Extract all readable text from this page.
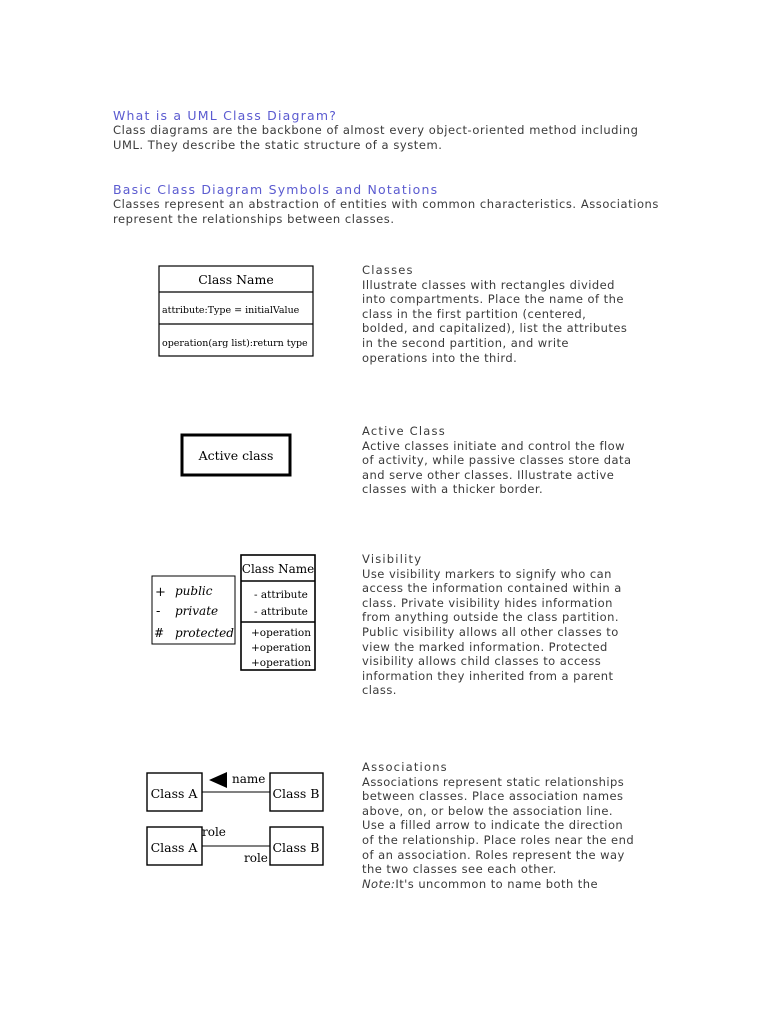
What is a UML Class Diagram?

Class diagrams are the backbone of almost every object-oriented method including

UML. They describe the static structure of a system.

Basic Class Diagram Symbols and Notations

Classes represent an abstraction of entities with common characteristics. Associations

represent the relationships between classes.

Class Name
attribute:Type = initialValue
operation(arg list):return type
Classes
Illustrate classes with rectangles divided
into compartments. Place the name of the
class in the first partition (centered,
bolded, and capitalized), list the attributes
in the second partition, and write
operations into the third.
Active class
Active Class
Active classes initiate and control the flow
of activity, while passive classes store data
and serve other classes. Illustrate active
classes with a thicker border.
+ public
- private
# protected
Class Name
- attribute
- attribute
+operation
+operation
+operation
Visibility
Use visibility markers to signify who can
access the information contained within a
class. Private visibility hides information
from anything outside the class partition.
Public visibility allows all other classes to
view the marked information. Protected
visibility allows child classes to access
information they inherited from a parent
class.
Class A	Class B
name
Class A	Class B
role
role
Associations
Associations represent static relationships
between classes. Place association names
above, on, or below the association line.
Use a filled arrow to indicate the direction
of the relationship. Place roles near the end
of an association. Roles represent the way
the two classes see each other.
Note:It's uncommon to name both the
